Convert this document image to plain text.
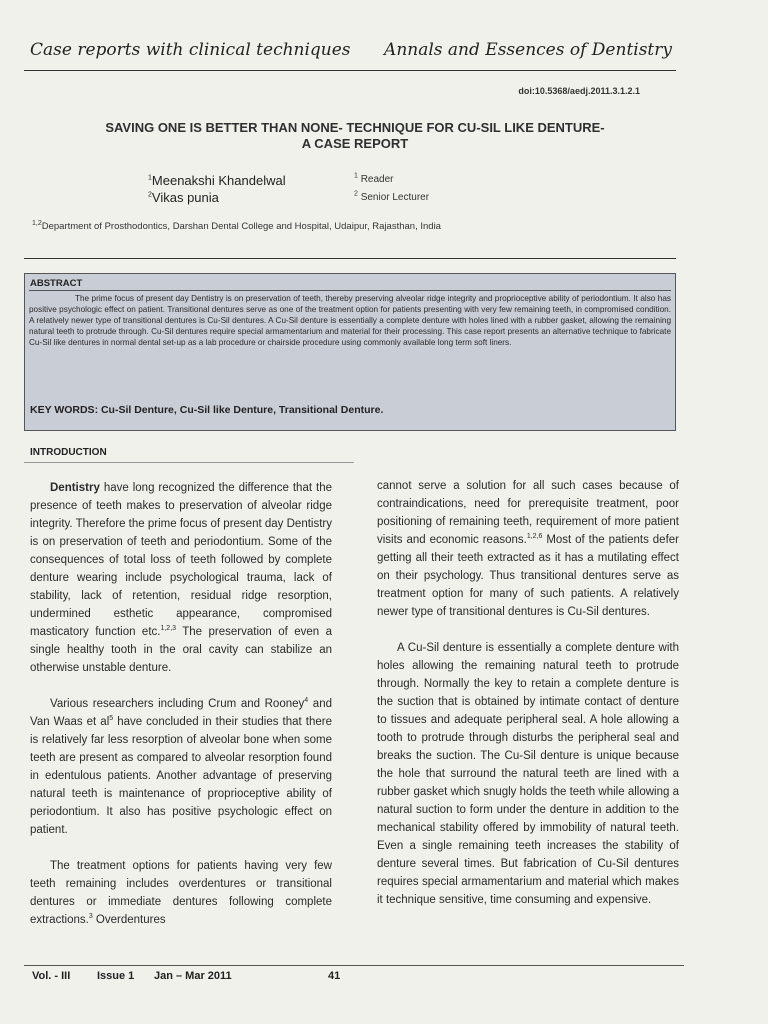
Case reports with clinical techniques Annals and Essences of Dentistry
doi:10.5368/aedj.2011.3.1.2.1
SAVING ONE IS BETTER THAN NONE- TECHNIQUE FOR CU-SIL LIKE DENTURE-
A CASE REPORT
$^1$Meenakshi Khandelwal
$^2$Vikas punia
$^1$ Reader
$^2$ Senior Lecturer
$^{1,2}$Department of Prosthodontics, Darshan Dental College and Hospital, Udaipur, Rajasthan, India
ABSTRACT
The prime focus of present day Dentistry is on preservation of teeth, thereby preserving alveolar ridge integrity and proprioceptive ability of periodontium. It also has positive psychologic effect on patient. Transitional dentures serve as one of the treatment option for patients presenting with very few remaining teeth, in compromised condition. A relatively newer type of transitional dentures is Cu-Sil dentures. A Cu-Sil denture is essentially a complete denture with holes lined with a rubber gasket, allowing the remaining natural teeth to protrude through. Cu-Sil dentures require special armamentarium and material for their processing. This case report presents an alternative technique to fabricate Cu-Sil like dentures in normal dental set-up as a lab procedure or chairside procedure using commonly available long term soft liners.
KEY WORDS: Cu-Sil Denture, Cu-Sil like Denture, Transitional Denture.
INTRODUCTION

Dentistry have long recognized the difference that the presence of teeth makes to preservation of alveolar ridge integrity. Therefore the prime focus of present day Dentistry is on preservation of teeth and periodontium. Some of the consequences of total loss of teeth followed by complete denture wearing include psychological trauma, lack of stability, lack of retention, residual ridge resorption, undermined esthetic appearance, compromised masticatory function etc.$^{1,2,3}$ The preservation of even a single healthy tooth in the oral cavity can stabilize an otherwise unstable denture.

Various researchers including Crum and Rooney$^4$ and Van Waas et $al^5$ have concluded in their studies that there is relatively far less resorption of alveolar bone when some teeth are present as compared to alveolar resorption found in edentulous patients. Another advantage of preserving natural teeth is maintenance of proprioceptive ability of periodontium. It also has positive psychologic effect on patient.

The treatment options for patients having very few teeth remaining includes overdentures or transitional dentures or immediate dentures following complete extractions.$^3$ Overdentures

cannot serve a solution for all such cases because of contraindications, need for prerequisite treatment, poor positioning of remaining teeth, requirement of more patient visits and economic reasons.$^{1,2,6}$ Most of the patients defer getting all their teeth extracted as it has a mutilating effect on their psychology. Thus transitional dentures serve as treatment option for many of such patients. A relatively newer type of transitional dentures is Cu-Sil dentures.

A Cu-Sil denture is essentially a complete denture with holes allowing the remaining natural teeth to protrude through. Normally the key to retain a complete denture is the suction that is obtained by intimate contact of denture to tissues and adequate peripheral seal. A hole allowing a tooth to protrude through disturbs the peripheral seal and breaks the suction. The Cu-Sil denture is unique because the hole that surround the natural teeth are lined with a rubber gasket which snugly holds the teeth while allowing a natural suction to form under the denture in addition to the mechanical stability offered by immobility of natural teeth. Even a single remaining teeth increases the stability of denture several times. But fabrication of Cu-Sil dentures requires special armamentarium and material which makes it technique sensitive, time consuming and expensive.

Vol. - III Issue 1 Jan – Mar 2011	41
